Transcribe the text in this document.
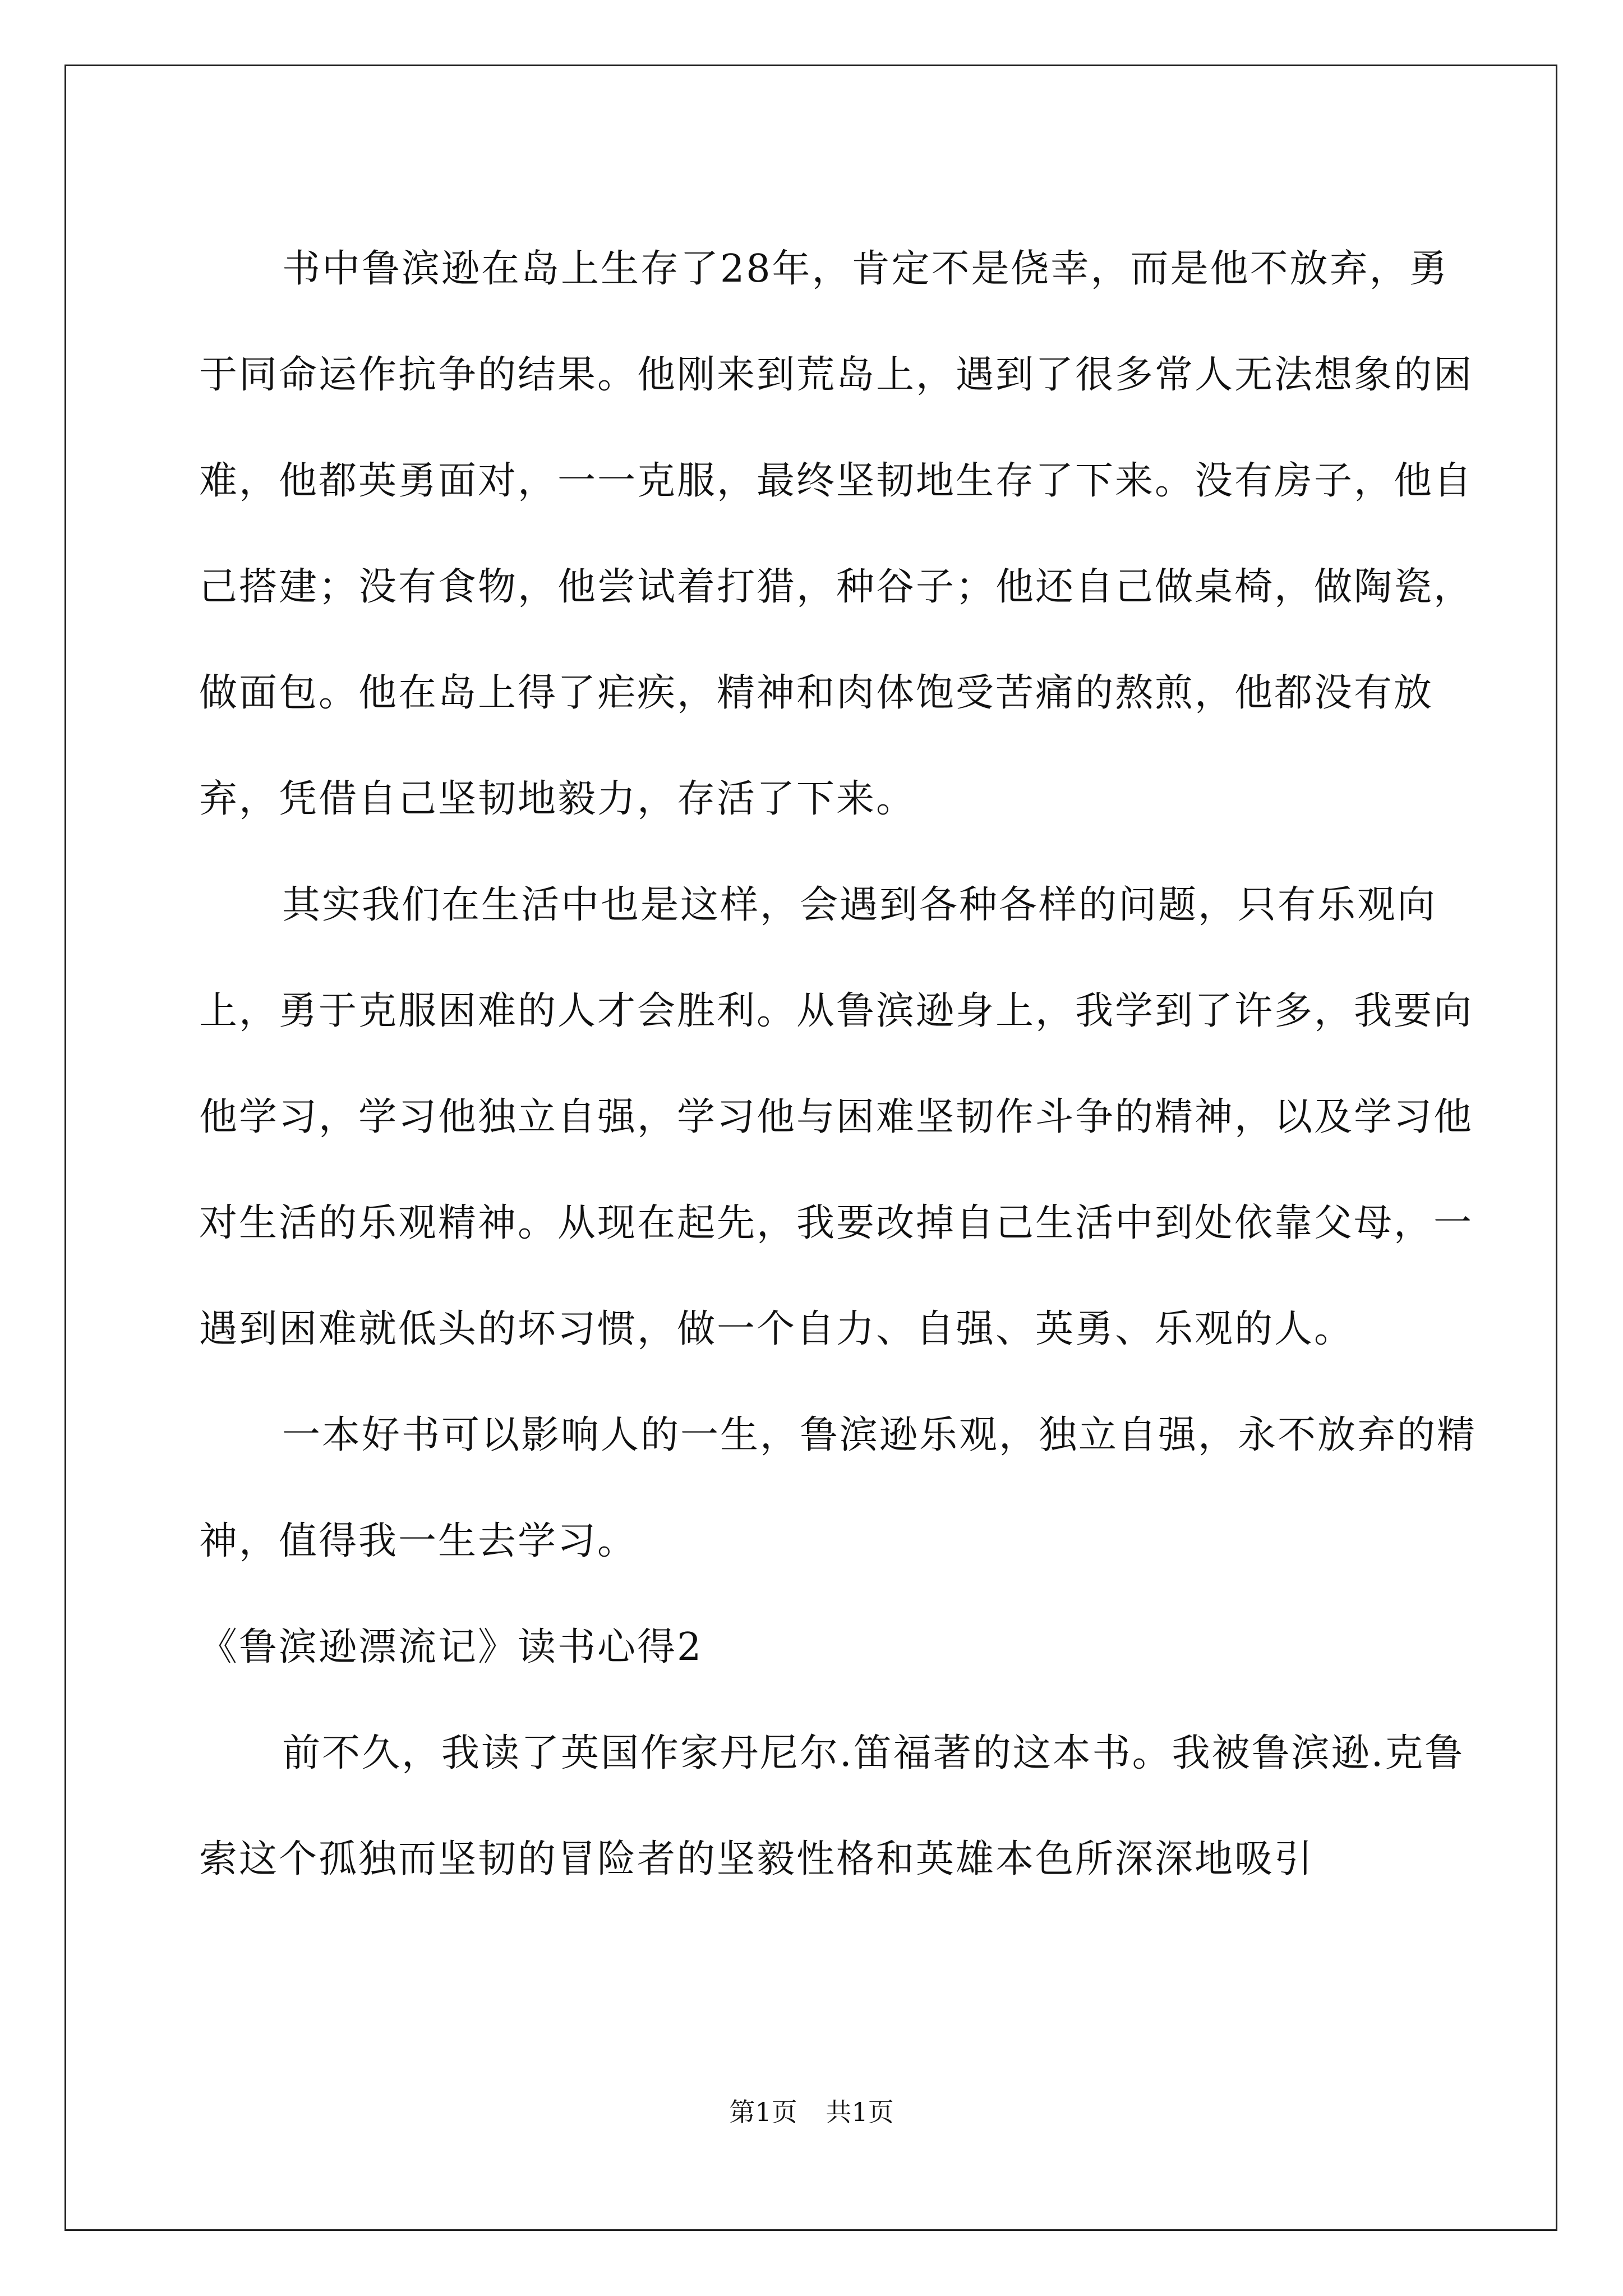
书中鲁滨逊在岛上生存了28年，肯定不是侥幸，而是他不放弃，勇于同命运作抗争的结果。他刚来到荒岛上，遇到了很多常人无法想象的困难，他都英勇面对，一一克服，最终坚韧地生存了下来。没有房子，他自己搭建；没有食物，他尝试着打猎，种谷子；他还自己做桌椅，做陶瓷，做面包。他在岛上得了疟疾，精神和肉体饱受苦痛的熬煎，他都没有放弃，凭借自己坚韧地毅力，存活了下来。

其实我们在生活中也是这样，会遇到各种各样的问题，只有乐观向上，勇于克服困难的人才会胜利。从鲁滨逊身上，我学到了许多，我要向他学习，学习他独立自强，学习他与困难坚韧作斗争的精神，以及学习他对生活的乐观精神。从现在起先，我要改掉自己生活中到处依靠父母，一遇到困难就低头的坏习惯，做一个自力、自强、英勇、乐观的人。

一本好书可以影响人的一生，鲁滨逊乐观，独立自强，永不放弃的精神，值得我一生去学习。

《鲁滨逊漂流记》读书心得2

前不久，我读了英国作家丹尼尔.笛福著的这本书。我被鲁滨逊.克鲁索这个孤独而坚韧的冒险者的坚毅性格和英雄本色所深深地吸引

第1页 共1页
